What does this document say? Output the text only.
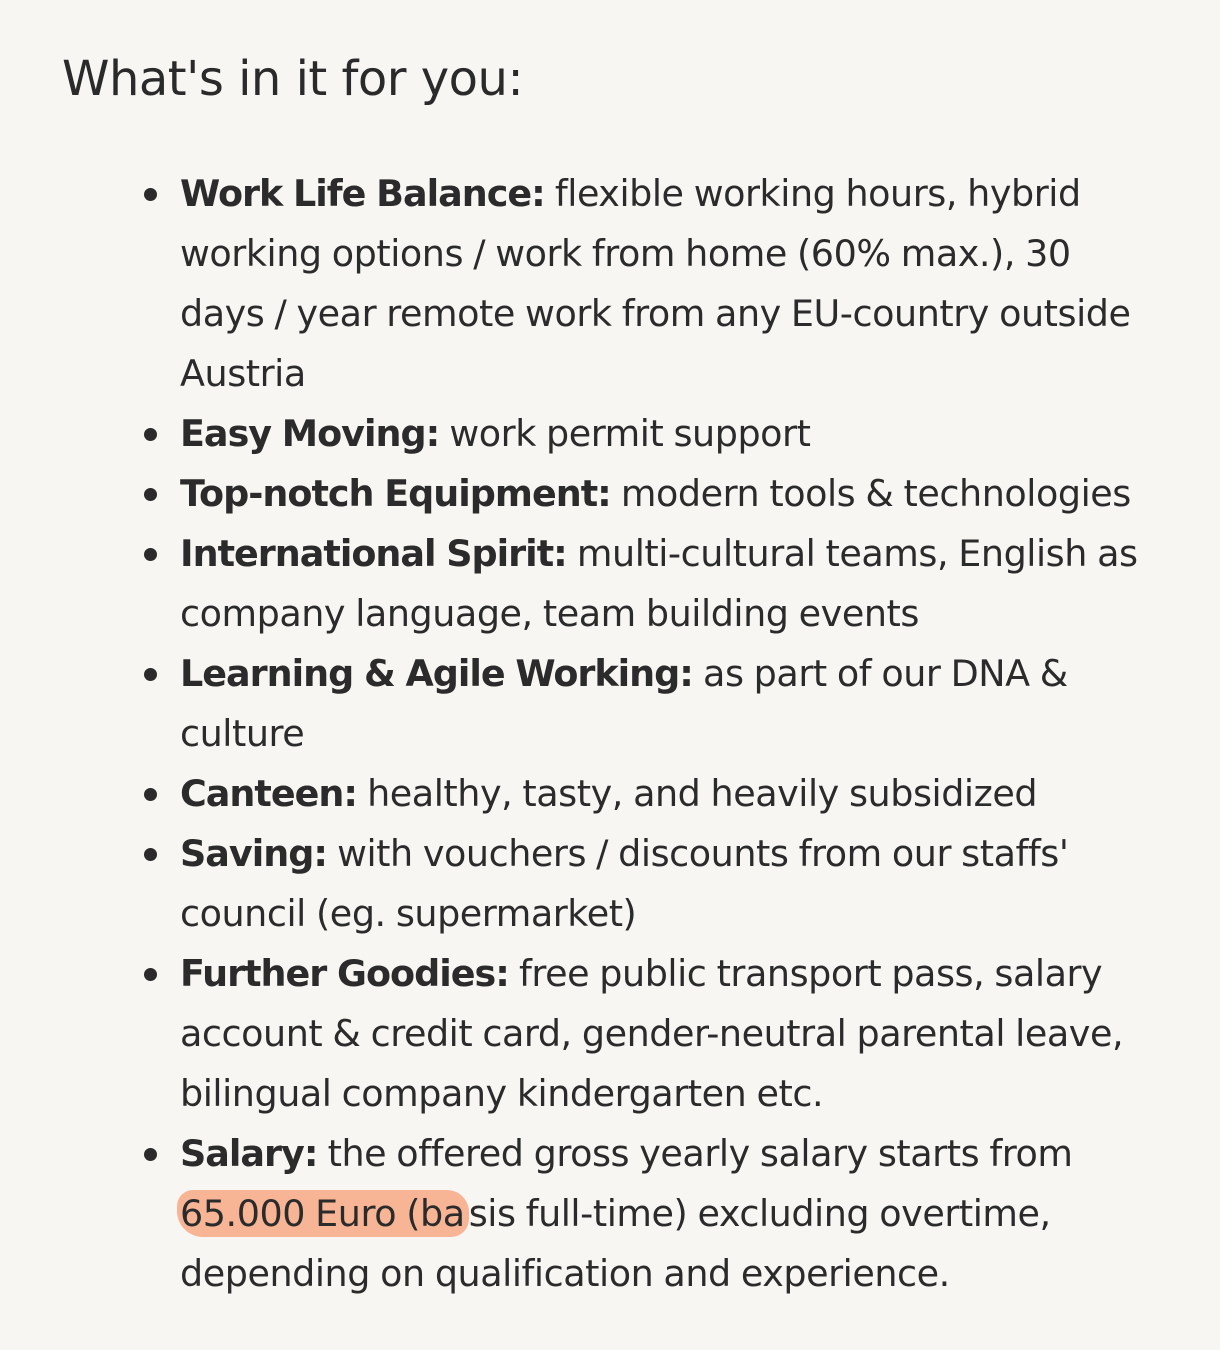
What's in it for you:
Work Life Balance: flexible working hours, hybrid working options / work from home (60% max.), 30 days / year remote work from any EU-country outside Austria
Easy Moving: work permit support
Top-notch Equipment: modern tools & technologies
International Spirit: multi-cultural teams, English as company language, team building events
Learning & Agile Working: as part of our DNA & culture
Canteen: healthy, tasty, and heavily subsidized
Saving: with vouchers / discounts from our staffs' council (eg. supermarket)
Further Goodies: free public transport pass, salary account & credit card, gender-neutral parental leave, bilingual company kindergarten etc.
Salary: the offered gross yearly salary starts from 65.000 Euro (ba sis full-time) excluding overtime, depending on qualification and experience.
